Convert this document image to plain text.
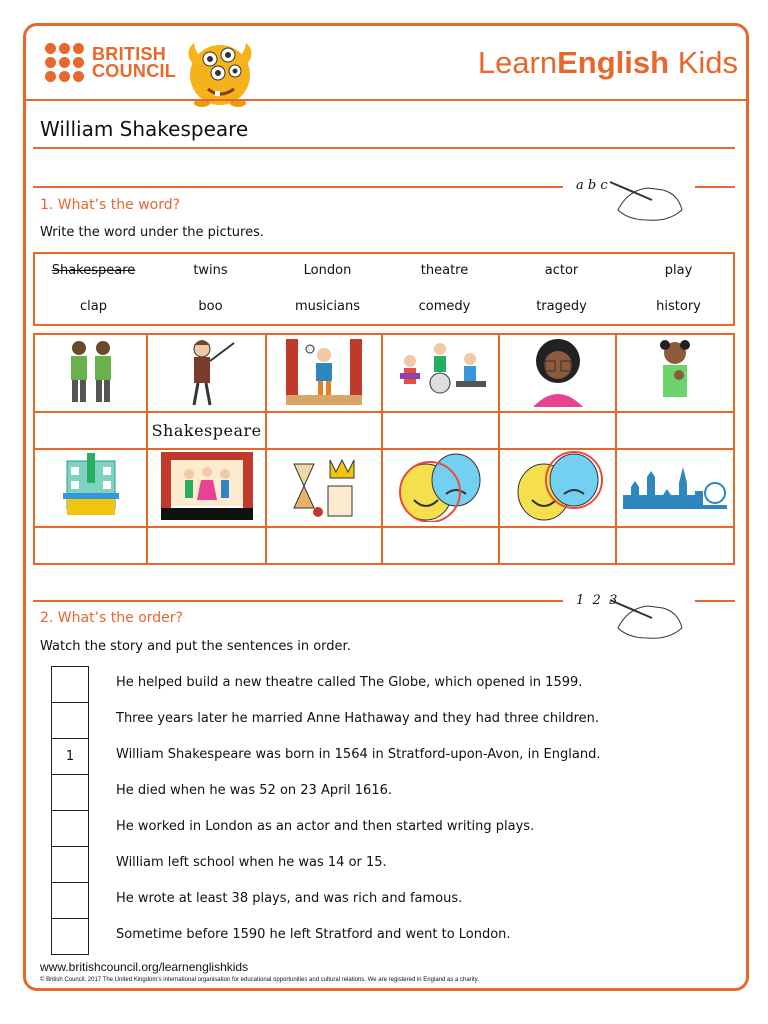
BRITISH
COUNCIL	LearnEnglish Kids
William Shakespeare
a b c
1. What’s the word?
Write the word under the pictures.
Shakespeare	twins	London	theatre	actor	play
clap	boo	musicians	comedy	tragedy	history

	Shakespeare				

1  2  3
2. What’s the order?
Watch the story and put the sentences in order.
He helped build a new theatre called The Globe, which opened in 1599.
Three years later he married Anne Hathaway and they had three children.
1	William Shakespeare was born in 1564 in Stratford-upon-Avon, in England.
He died when he was 52 on 23 April 1616.
He worked in London as an actor and then started writing plays.
William left school when he was 14 or 15.
He wrote at least 38 plays, and was rich and famous.
Sometime before 1590 he left Stratford and went to London.
www.britishcouncil.org/learnenglishkids
© British Council, 2017 The United Kingdom’s international organisation for educational opportunities and cultural relations. We are registered in England as a charity.
